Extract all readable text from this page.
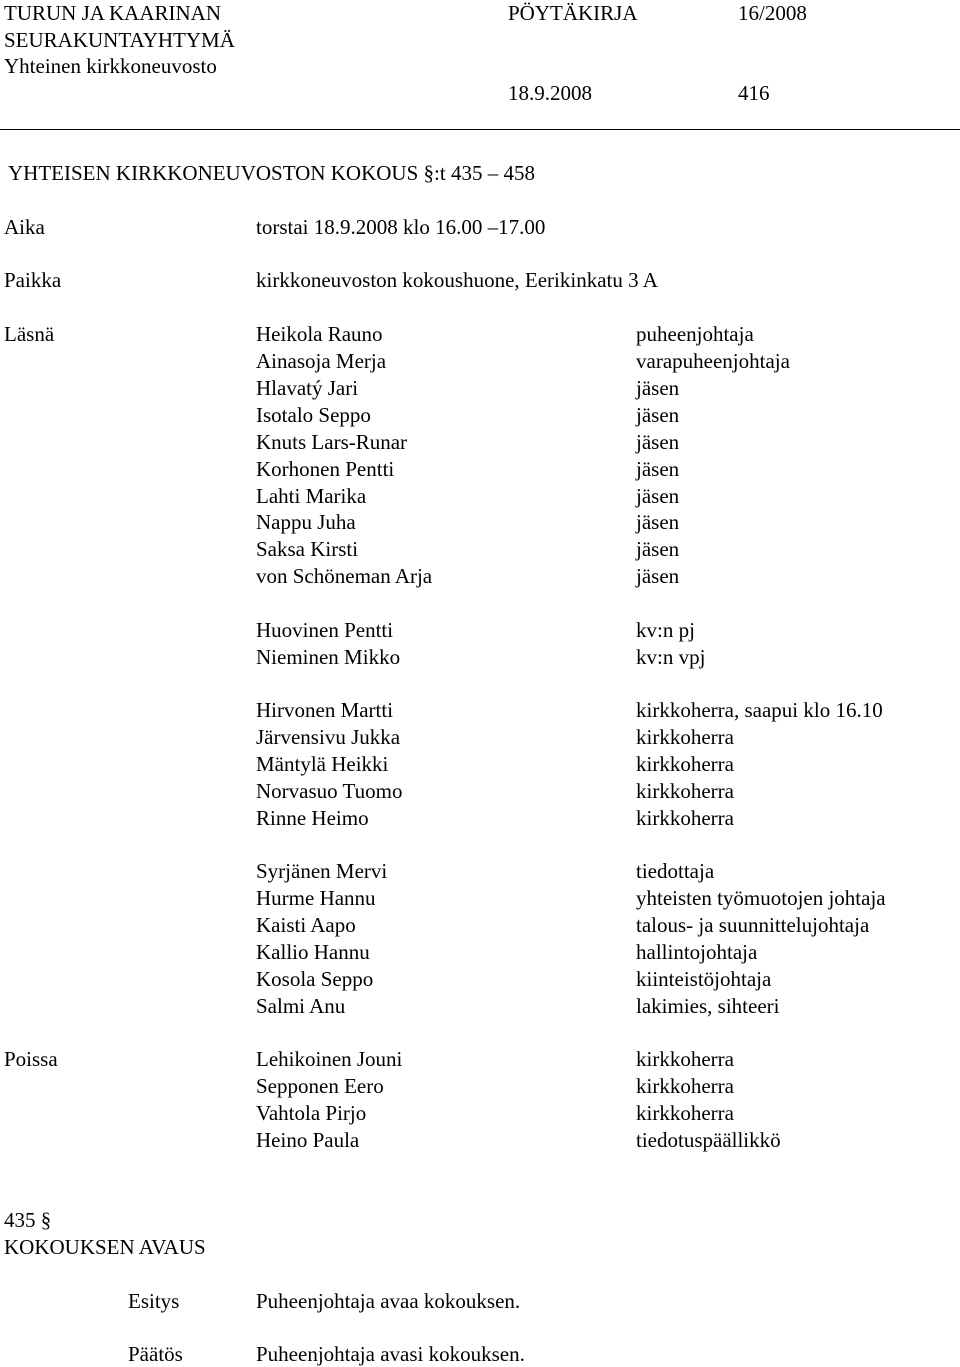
TURUN JA KAARINAN
SEURAKUNTAYHTYMÄ
Yhteinen kirkkoneuvosto
PÖYTÄKIRJA	16/2008
18.9.2008	416
YHTEISEN KIRKKONEUVOSTON KOKOUS §:t 435 – 458
Aika	torstai 18.9.2008 klo 16.00 –17.00
Paikka	kirkkoneuvoston kokoushuone, Eerikinkatu 3 A
Läsnä	Heikola Rauno	puheenjohtaja
Ainasoja Merja	varapuheenjohtaja
Hlavatý Jari	jäsen
Isotalo Seppo	jäsen
Knuts Lars-Runar	jäsen
Korhonen Pentti	jäsen
Lahti Marika	jäsen
Nappu Juha	jäsen
Saksa Kirsti	jäsen
von Schöneman Arja	jäsen
Huovinen Pentti	kv:n pj
Nieminen Mikko	kv:n vpj
Hirvonen Martti	kirkkoherra, saapui klo 16.10
Järvensivu Jukka	kirkkoherra
Mäntylä Heikki	kirkkoherra
Norvasuo Tuomo	kirkkoherra
Rinne Heimo	kirkkoherra
Syrjänen Mervi	tiedottaja
Hurme Hannu	yhteisten työmuotojen johtaja
Kaisti Aapo	talous- ja suunnittelujohtaja
Kallio Hannu	hallintojohtaja
Kosola Seppo	kiinteistöjohtaja
Salmi Anu	lakimies, sihteeri
Poissa	Lehikoinen Jouni	kirkkoherra
Sepponen Eero	kirkkoherra
Vahtola Pirjo	kirkkoherra
Heino Paula	tiedotuspäällikkö
435 §
KOKOUKSEN AVAUS
Esitys	Puheenjohtaja avaa kokouksen.
Päätös	Puheenjohtaja avasi kokouksen.
